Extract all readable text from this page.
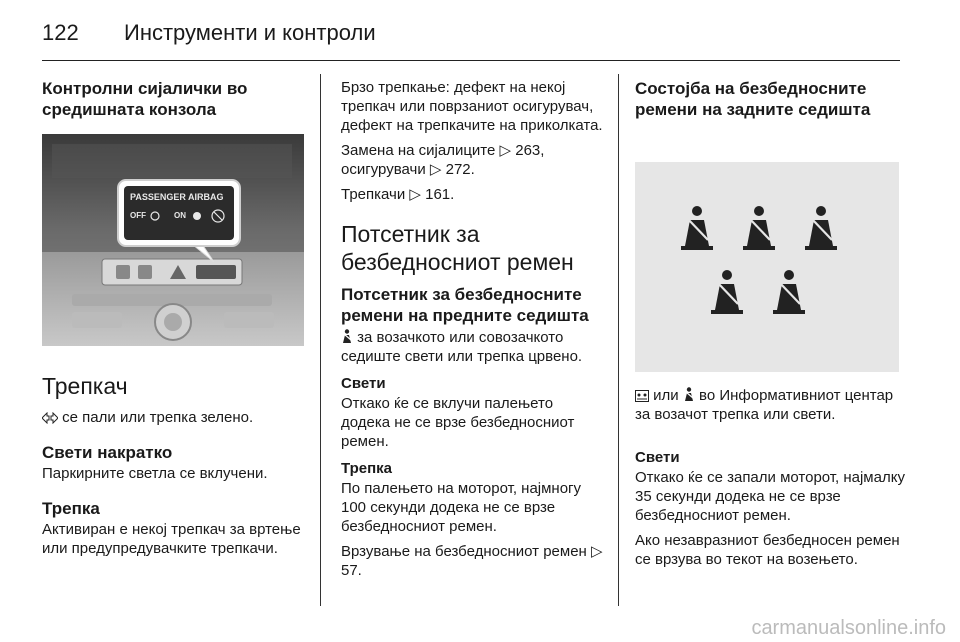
122 Инструменти и контроли
Контролни сијалички во средишната конзола
PASSENGER AIRBAG
OFF	ON
Трепкач

се пали или трепка зелено.

Свети накратко

Паркирните светла се вклучени.

Трепка

Активиран е некој трепкач за вртење или предупредувачките трепкачи.

Брзо трепкање: дефект на некој трепкач или поврзаниот осигурувач, дефект на трепкачите на приколката.

Замена на сијалиците ▷ 263, осигурувачи ▷ 272.

Трепкачи ▷ 161.

Потсетник за безбедносниот ремен
Потсетник за безбедносните ремени на предните седишта

за возачкото или совозачкото седиште свети или трепка црвено.

Свети

Откако ќе се вклучи палењето додека не се врзе безбедносниот ремен.

Трепка

По палењето на моторот, најмногу 100 секунди додека не се врзе безбедносниот ремен.

Врзување на безбедносниот ремен ▷ 57.

Состојба на безбедносните ремени на задните седишта

или во Информативниот центар за возачот трепка или свети.

Свети

Откако ќе се запали моторот, најмалку 35 секунди додека не се врзе безбедносниот ремен.

Ако незавразниот безбедносен ремен се врзува во текот на возењето.

carmanualsonline.info
